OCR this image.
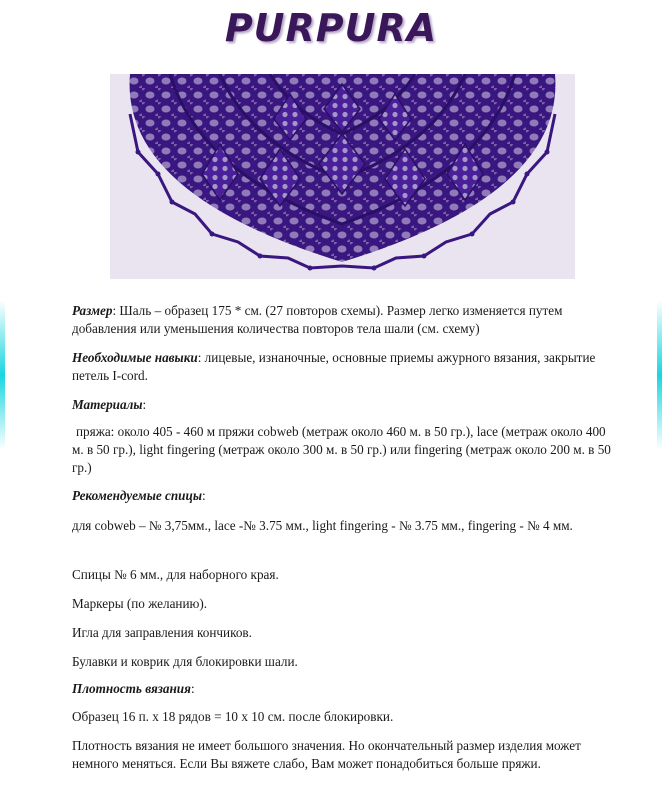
PURPURA
Размер: Шаль – образец 175 * см. (27 повторов схемы). Размер легко изменяется путем добавления или уменьшения количества повторов тела шали (см. схему)
Необходимые навыки: лицевые, изнаночные, основные приемы ажурного вязания, закрытие петель I-cord.
Материалы:
пряжа: около 405 - 460 м пряжи cobweb (метраж около 460 м. в 50 гр.), lace (метраж около 400 м. в 50 гр.), light fingering (метраж около 300 м. в 50 гр.) или fingering (метраж около 200 м. в 50 гр.)
Рекомендуемые спицы:
для cobweb – № 3,75мм., lace -№ 3.75 мм., light fingering - № 3.75 мм., fingering - № 4 мм.
Спицы № 6 мм., для наборного края.
Маркеры (по желанию).
Игла для заправления кончиков.
Булавки и коврик для блокировки шали.
Плотность вязания:
Образец 16 п. х 18 рядов = 10 х 10 см. после блокировки.
Плотность вязания не имеет большого значения. Но окончательный размер изделия может немного меняться. Если Вы вяжете слабо, Вам может понадобиться больше пряжи.
